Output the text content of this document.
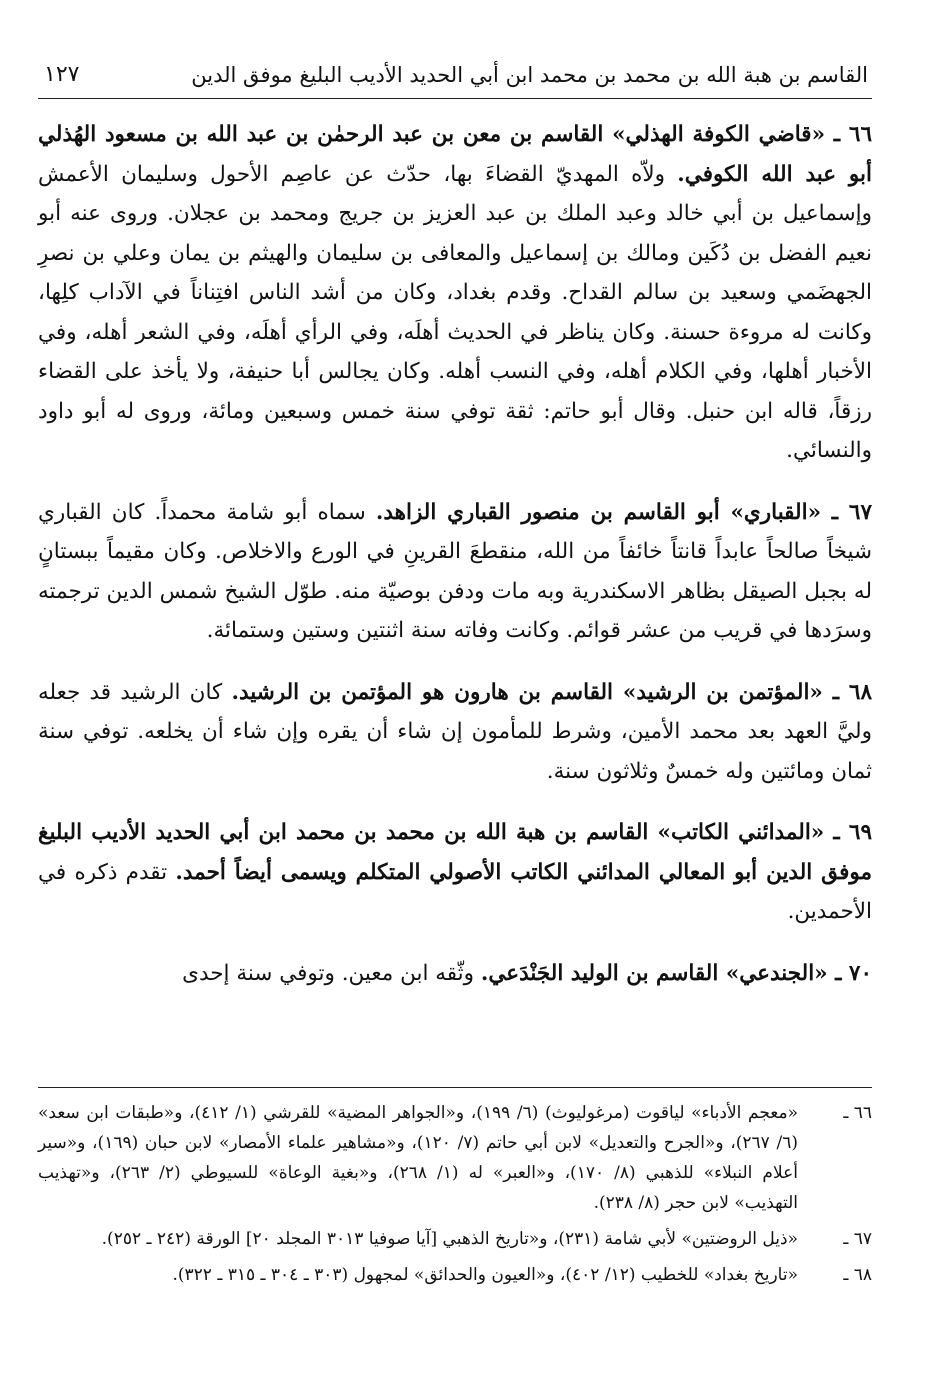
القاسم بن هبة الله بن محمد بن محمد ابن أبي الحديد الأديب البليغ موفق الدين
١٢٧

٦٦ ـ «قاضي الكوفة الهذلي» القاسم بن معن بن عبد الرحمٰن بن عبد الله بن مسعود الهُذلي أبو عبد الله الكوفي. ولاّه المهديّ القضاءَ بها، حدّث عن عاصِم الأحول وسليمان الأعمش وإسماعيل بن أبي خالد وعبد الملك بن عبد العزيز بن جريج ومحمد بن عجلان. وروى عنه أبو نعيم الفضل بن دُكَين ومالك بن إسماعيل والمعافى بن سليمان والهيثم بن يمان وعلي بن نصرِ الجهضَمي وسعيد بن سالم القداح. وقدم بغداد، وكان من أشد الناس افتِناناً في الآداب كلِها، وكانت له مروءة حسنة. وكان يناظر في الحديث أهلَه، وفي الرأي أهلَه، وفي الشعر أهله، وفي الأخبار أهلها، وفي الكلام أهله، وفي النسب أهله. وكان يجالس أبا حنيفة، ولا يأخذ على القضاء رزقاً، قاله ابن حنبل. وقال أبو حاتم: ثقة توفي سنة خمس وسبعين ومائة، وروى له أبو داود والنسائي.

٦٧ ـ «القباري» أبو القاسم بن منصور القباري الزاهد. سماه أبو شامة محمداً. كان القباري شيخاً صالحاً عابداً قانتاً خائفاً من الله، منقطعَ القرينِ في الورع والاخلاص. وكان مقيماً ببستانٍ له بجبل الصيقل بظاهر الاسكندرية وبه مات ودفن بوصيّة منه. طوّل الشيخ شمس الدين ترجمته وسرَدها في قريب من عشر قوائم. وكانت وفاته سنة اثنتين وستين وستمائة.

٦٨ ـ «المؤتمن بن الرشيد» القاسم بن هارون هو المؤتمن بن الرشيد. كان الرشيد قد جعله وليَّ العهد بعد محمد الأمين، وشرط للمأمون إن شاء أن يقره وإن شاء أن يخلعه. توفي سنة ثمان ومائتين وله خمسٌ وثلاثون سنة.

٦٩ ـ «المدائني الكاتب» القاسم بن هبة الله بن محمد بن محمد ابن أبي الحديد الأديب البليغ موفق الدين أبو المعالي المدائني الكاتب الأصولي المتكلم ويسمى أيضاً أحمد. تقدم ذكره في الأحمدين.

٧٠ ـ «الجندعي» القاسم بن الوليد الجَنْدَعي. وثّقه ابن معين. وتوفي سنة إحدى

٦٦ ـ
«معجم الأدباء» لياقوت (مرغوليوث) (٦/ ١٩٩)، و«الجواهر المضية» للقرشي (١/ ٤١٢)، و«طبقات ابن سعد» (٦/ ٢٦٧)، و«الجرح والتعديل» لابن أبي حاتم (٧/ ١٢٠)، و«مشاهير علماء الأمصار» لابن حبان (١٦٩)، و«سير أعلام النبلاء» للذهبي (٨/ ١٧٠)، و«العبر» له (١/ ٢٦٨)، و«بغية الوعاة» للسيوطي (٢/ ٢٦٣)، و«تهذيب التهذيب» لابن حجر (٨/ ٢٣٨).
٦٧ ـ
«ذيل الروضتين» لأبي شامة (٢٣١)، و«تاريخ الذهبي [آيا صوفيا ٣٠١٣ المجلد ٢٠] الورقة (٢٤٢ ـ ٢٥٢).
٦٨ ـ
«تاريخ بغداد» للخطيب (١٢/ ٤٠٢)، و«العيون والحدائق» لمجهول (٣٠٣ ـ ٣٠٤ ـ ٣١٥ ـ ٣٢٢).
